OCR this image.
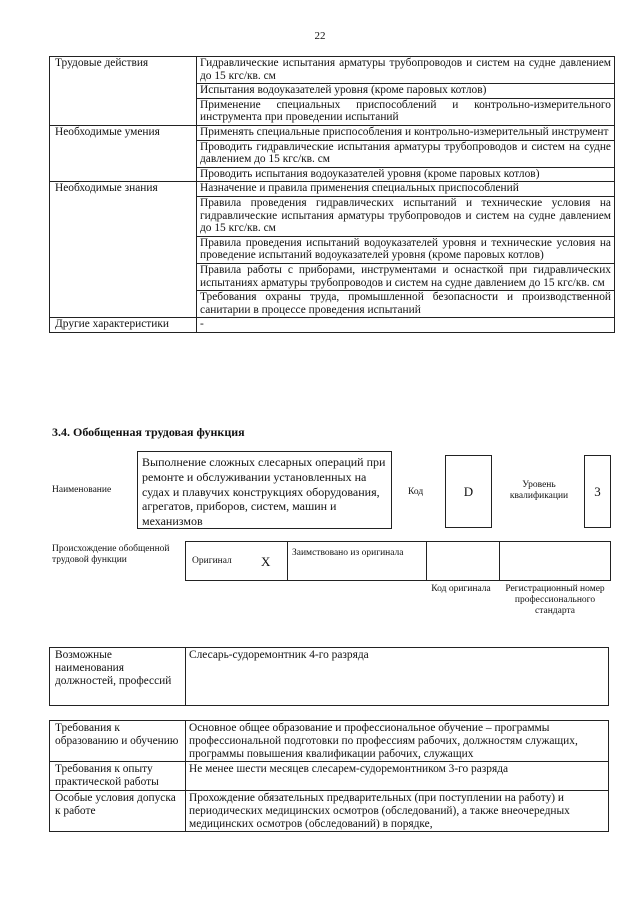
22
Трудовые действия	Гидравлические испытания арматуры трубопроводов и систем на судне давлением до 15 кгс/кв. см
	Испытания водоуказателей уровня (кроме паровых котлов)
	Применение специальных приспособлений и контрольно-измерительного инструмента при проведении испытаний
Необходимые умения	Применять специальные приспособления и контрольно-измерительный инструмент
	Проводить гидравлические испытания арматуры трубопроводов и систем на судне давлением до 15 кгс/кв. см
	Проводить испытания водоуказателей уровня (кроме паровых котлов)
Необходимые знания	Назначение и правила применения специальных приспособлений
	Правила проведения гидравлических испытаний и технические условия на гидравлические испытания арматуры трубопроводов и систем на судне давлением до 15 кгс/кв. см
	Правила проведения испытаний водоуказателей уровня и технические условия на проведение испытаний водоуказателей уровня (кроме паровых котлов)
	Правила работы с приборами, инструментами и оснасткой при гидравлических испытаниях арматуры трубопроводов и систем на судне давлением до 15 кгс/кв. см
	Требования охраны труда, промышленной безопасности и производственной санитарии в процессе проведения испытаний
Другие характеристики	-
3.4. Обобщенная трудовая функция
Наименование
Выполнение сложных слесарных операций при ремонте и обслуживании установленных на судах и плавучих конструкциях оборудования, агрегатов, приборов, систем, машин и механизмов
Код	D	Уровень квалификации	3
Происхождение обобщенной трудовой функции	Оригинал X
Заимствовано из оригинала
Код оригинала	Регистрационный номер профессионального стандарта
Возможные наименования должностей, профессий	Слесарь-судоремонтник 4-го разряда
Требования к образованию и обучению	Основное общее образование и профессиональное обучение – программы профессиональной подготовки по профессиям рабочих, должностям служащих, программы повышения квалификации рабочих, служащих
Требования к опыту практической работы	Не менее шести месяцев слесарем-судоремонтником 3-го разряда
Особые условия допуска к работе	Прохождение обязательных предварительных (при поступлении на работу) и периодических медицинских осмотров (обследований), а также внеочередных медицинских осмотров (обследований) в порядке,
